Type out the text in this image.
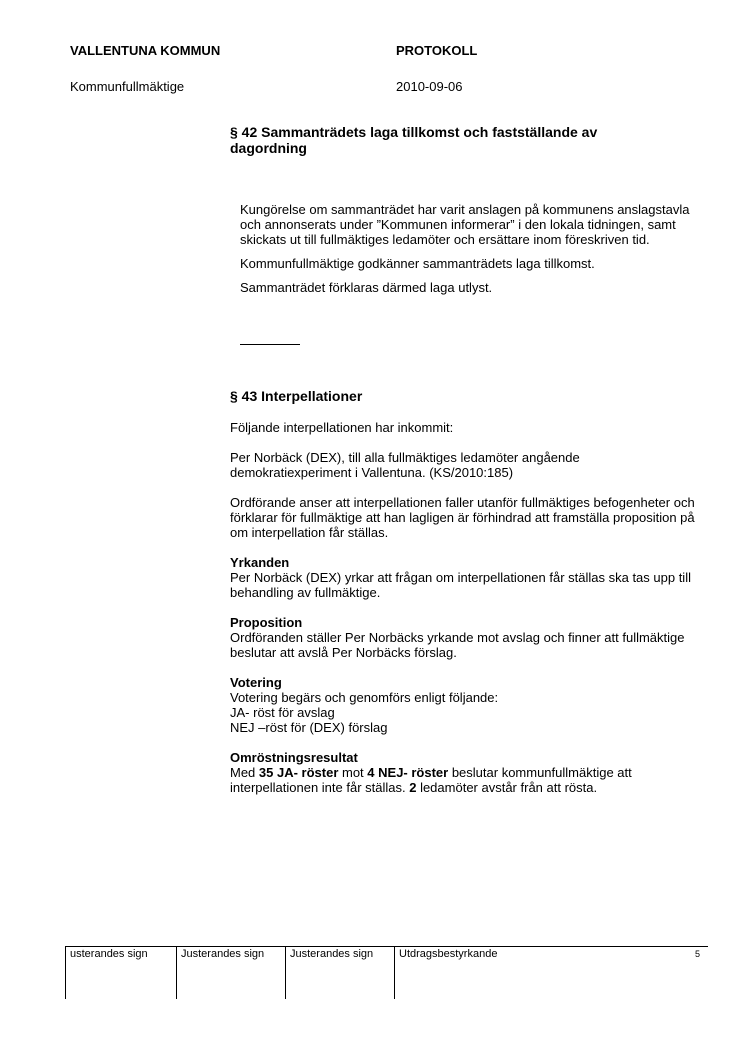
VALLENTUNA KOMMUN	PROTOKOLL
Kommunfullmäktige	2010-09-06
§ 42 Sammanträdets laga tillkomst och fastställande av dagordning

Kungörelse om sammanträdet har varit anslagen på kommunens anslagstavla och annonserats under ”Kommunen informerar” i den lokala tidningen, samt skickats ut till fullmäktiges ledamöter och ersättare inom föreskriven tid.

Kommunfullmäktige godkänner sammanträdets laga tillkomst.

Sammanträdet förklaras därmed laga utlyst.

§ 43 Interpellationer

Följande interpellationen har inkommit:

Per Norbäck (DEX), till alla fullmäktiges ledamöter angående demokratiexperiment i Vallentuna. (KS/2010:185)

Ordförande anser att interpellationen faller utanför fullmäktiges befogenheter och förklarar för fullmäktige att han lagligen är förhindrad att framställa proposition på om interpellation får ställas.

Yrkanden

Per Norbäck (DEX) yrkar att frågan om interpellationen får ställas ska tas upp till behandling av fullmäktige.

Proposition

Ordföranden ställer Per Norbäcks yrkande mot avslag och finner att fullmäktige beslutar att avslå Per Norbäcks förslag.

Votering

Votering begärs och genomförs enligt följande:

JA- röst för avslag

NEJ –röst för (DEX) förslag

Omröstningsresultat

Med 35 JA- röster mot 4 NEJ- röster beslutar kommunfullmäktige att interpellationen inte får ställas. 2 ledamöter avstår från att rösta.

usterandes sign	Justerandes sign	Justerandes sign	Utdragsbestyrkande	5
